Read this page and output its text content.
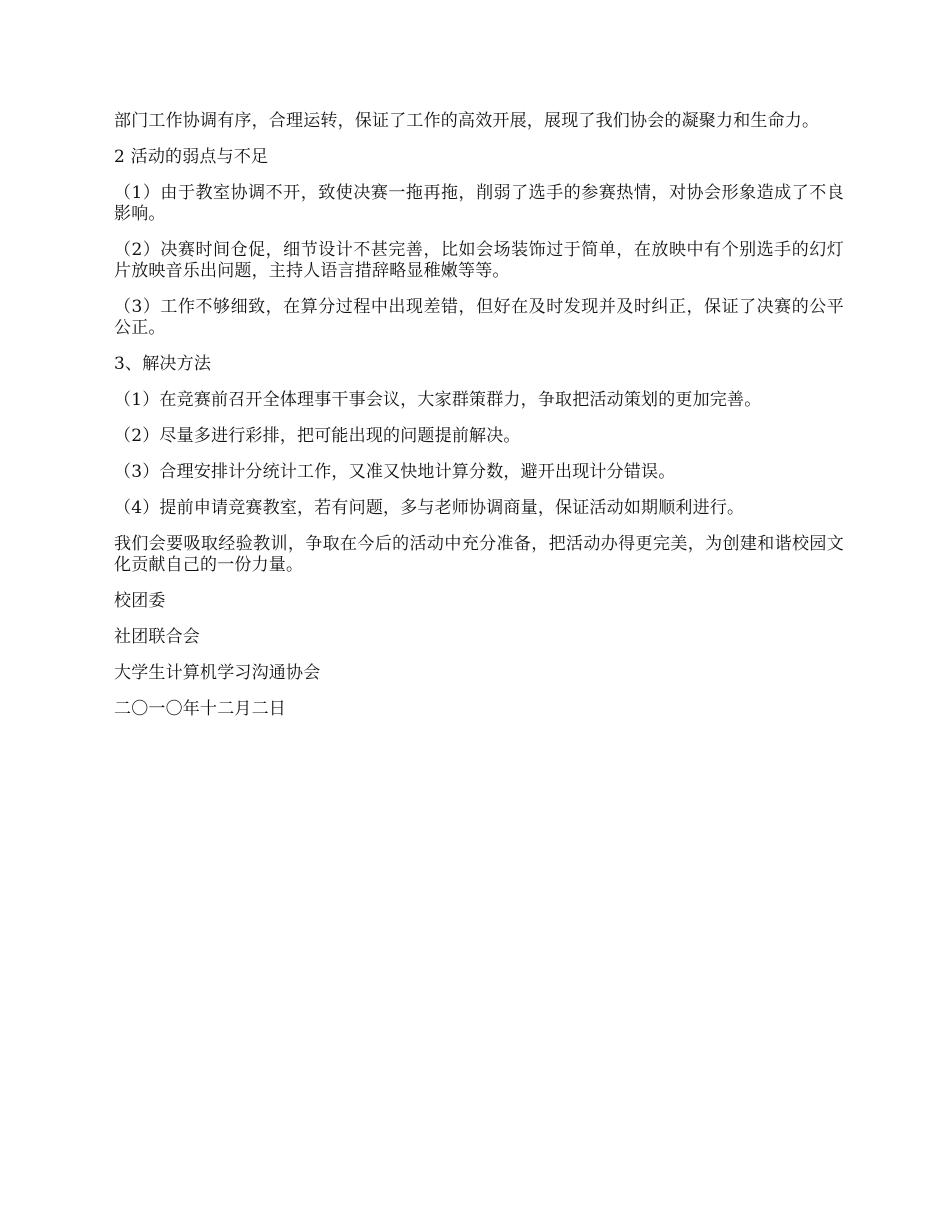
部门工作协调有序，合理运转，保证了工作的高效开展，展现了我们协会的凝聚力和生命力。

2 活动的弱点与不足

（1）由于教室协调不开，致使决赛一拖再拖，削弱了选手的参赛热情，对协会形象造成了不良影响。

（2）决赛时间仓促，细节设计不甚完善，比如会场装饰过于简单，在放映中有个别选手的幻灯片放映音乐出问题，主持人语言措辞略显稚嫩等等。

（3）工作不够细致，在算分过程中出现差错，但好在及时发现并及时纠正，保证了决赛的公平公正。

3、解决方法

（1）在竞赛前召开全体理事干事会议，大家群策群力，争取把活动策划的更加完善。

（2）尽量多进行彩排，把可能出现的问题提前解决。

（3）合理安排计分统计工作，又准又快地计算分数，避开出现计分错误。

（4）提前申请竞赛教室，若有问题，多与老师协调商量，保证活动如期顺利进行。

我们会要吸取经验教训，争取在今后的活动中充分准备，把活动办得更完美，为创建和谐校园文化贡献自己的一份力量。

校团委

社团联合会

大学生计算机学习沟通协会

二〇一〇年十二月二日
